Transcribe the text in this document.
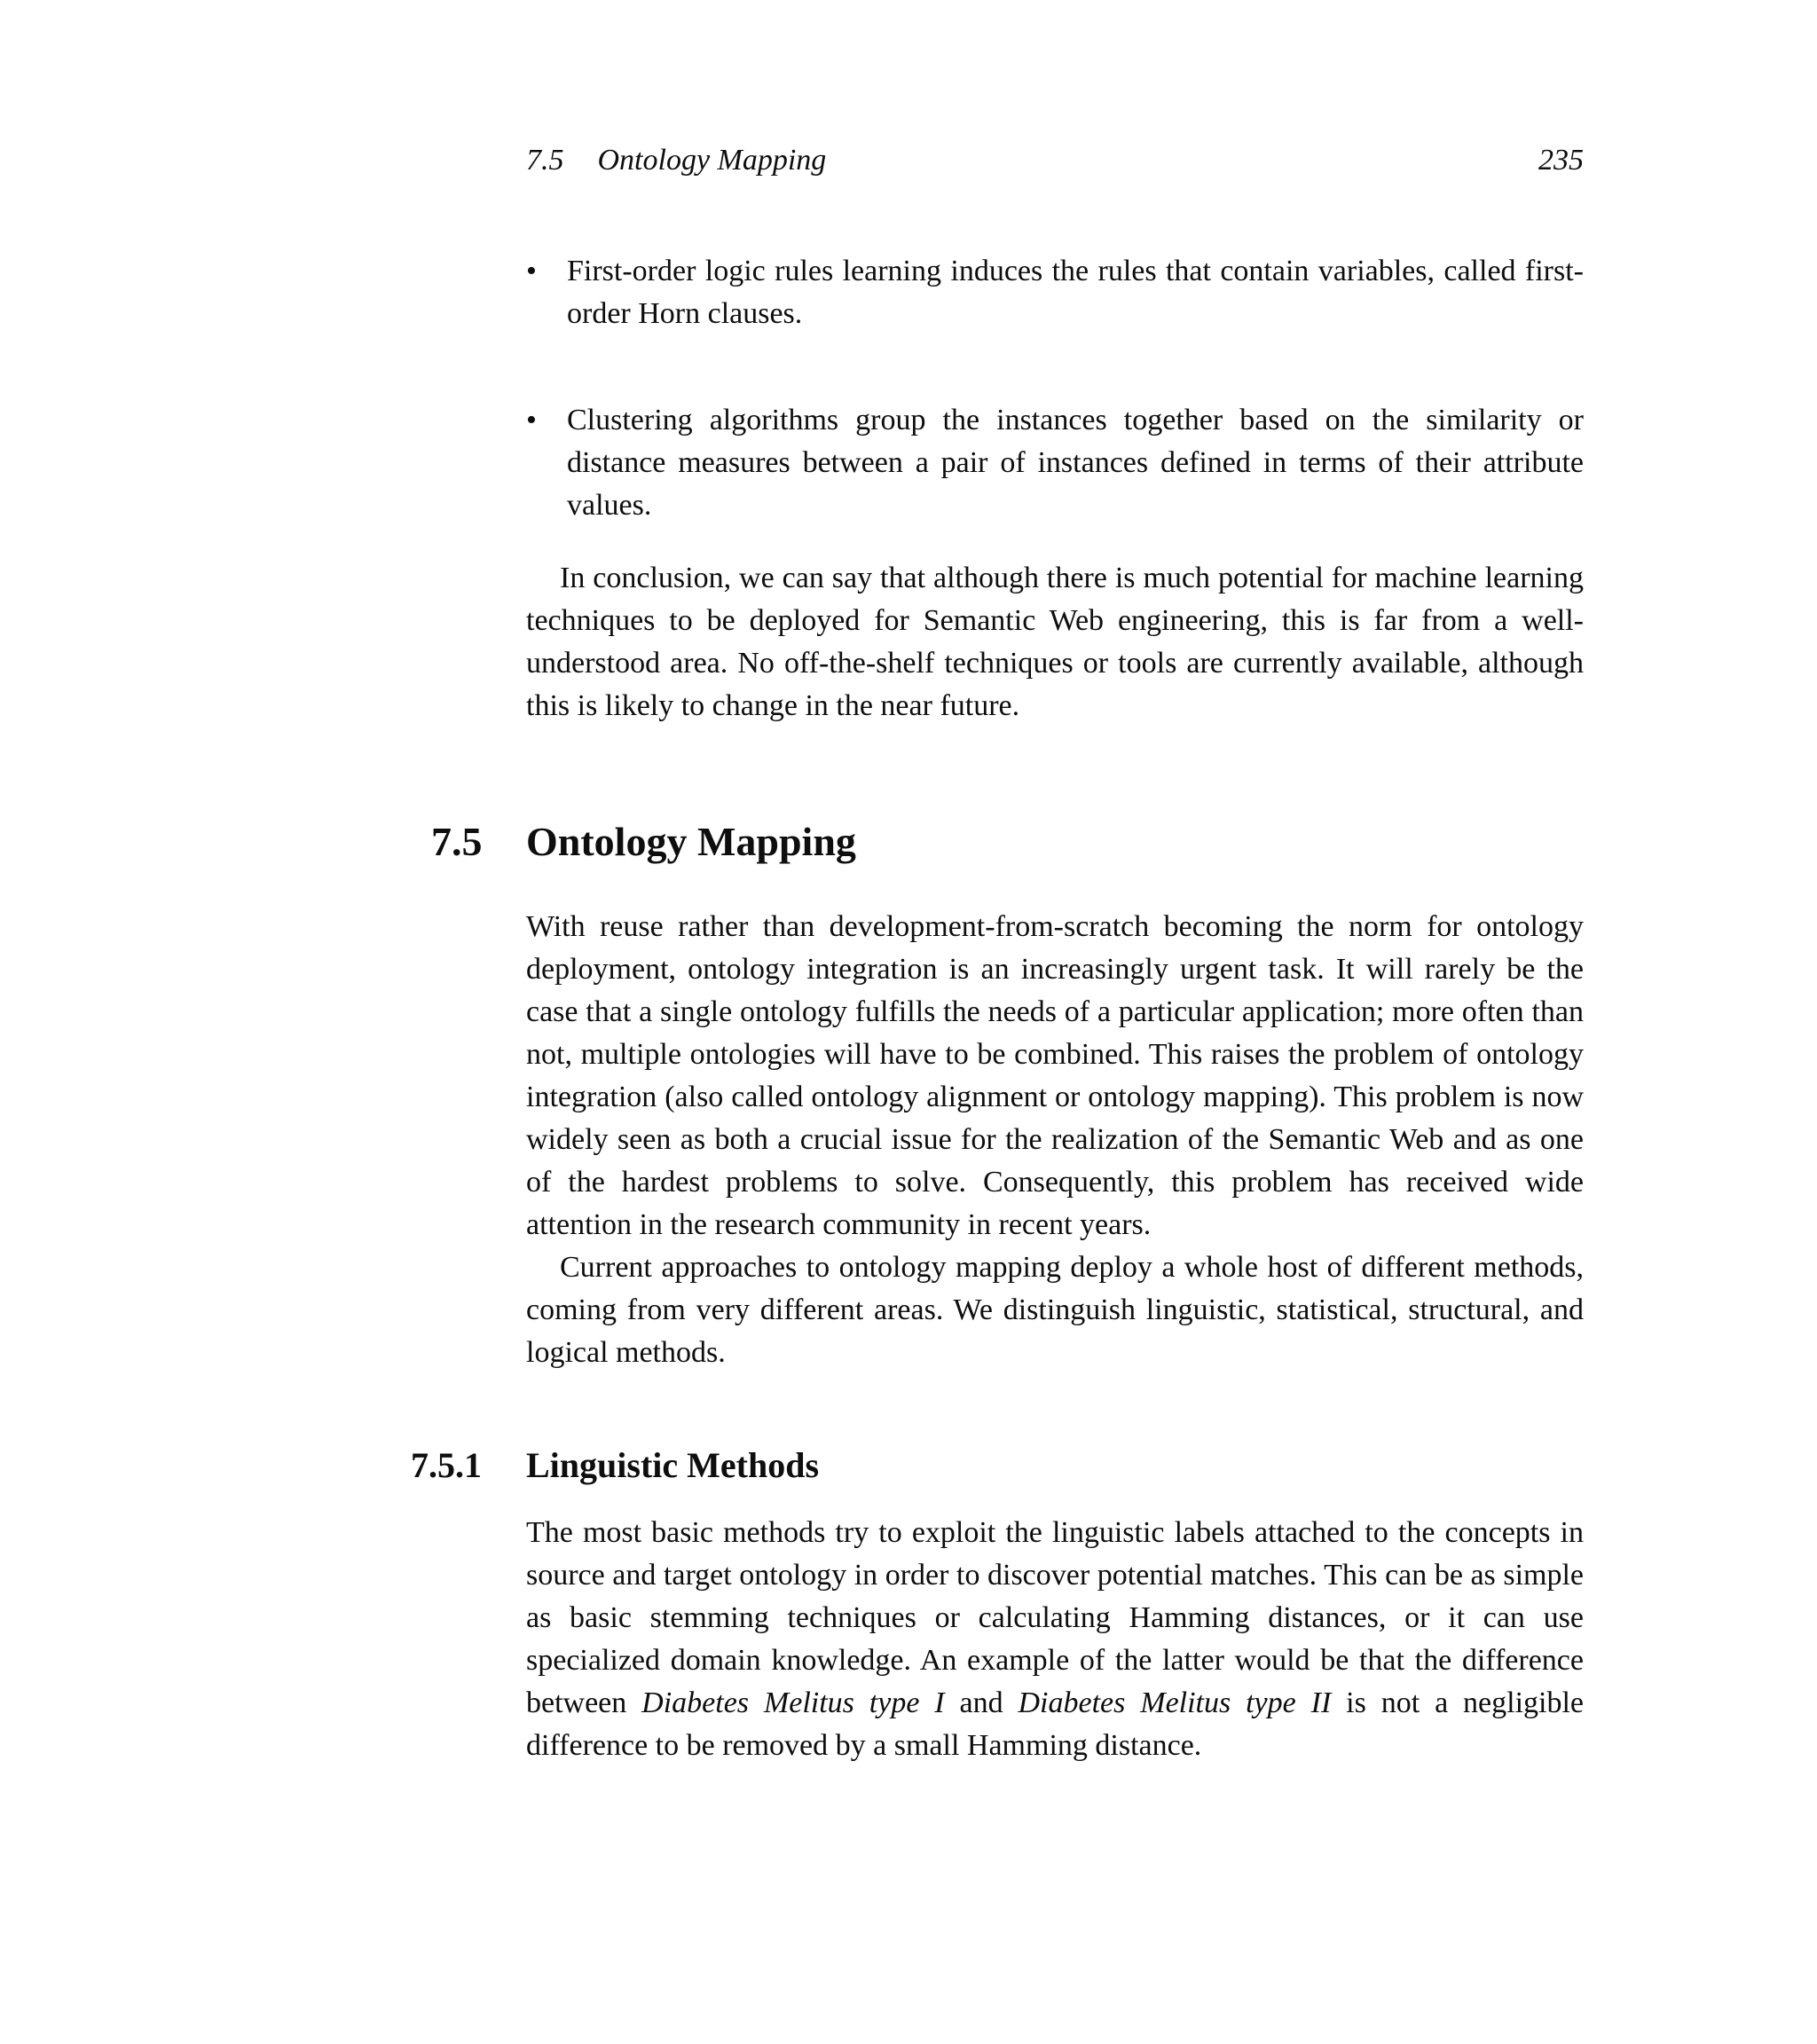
7.5 Ontology Mapping	235
•	First-order logic rules learning induces the rules that contain variables, called first-order Horn clauses.
•	Clustering algorithms group the instances together based on the similarity or distance measures between a pair of instances defined in terms of their attribute values.

In conclusion, we can say that although there is much potential for machine learning techniques to be deployed for Semantic Web engineering, this is far from a well-understood area. No off-the-shelf techniques or tools are currently available, although this is likely to change in the near future.

7.5 Ontology Mapping

With reuse rather than development-from-scratch becoming the norm for ontology deployment, ontology integration is an increasingly urgent task. It will rarely be the case that a single ontology fulfills the needs of a particular application; more often than not, multiple ontologies will have to be combined. This raises the problem of ontology integration (also called ontology alignment or ontology mapping). This problem is now widely seen as both a crucial issue for the realization of the Semantic Web and as one of the hardest problems to solve. Consequently, this problem has received wide attention in the research community in recent years.

Current approaches to ontology mapping deploy a whole host of different methods, coming from very different areas. We distinguish linguistic, statistical, structural, and logical methods.

7.5.1 Linguistic Methods

The most basic methods try to exploit the linguistic labels attached to the concepts in source and target ontology in order to discover potential matches. This can be as simple as basic stemming techniques or calculating Hamming distances, or it can use specialized domain knowledge. An example of the latter would be that the difference between Diabetes Melitus type I and Diabetes Melitus type II is not a negligible difference to be removed by a small Hamming distance.
